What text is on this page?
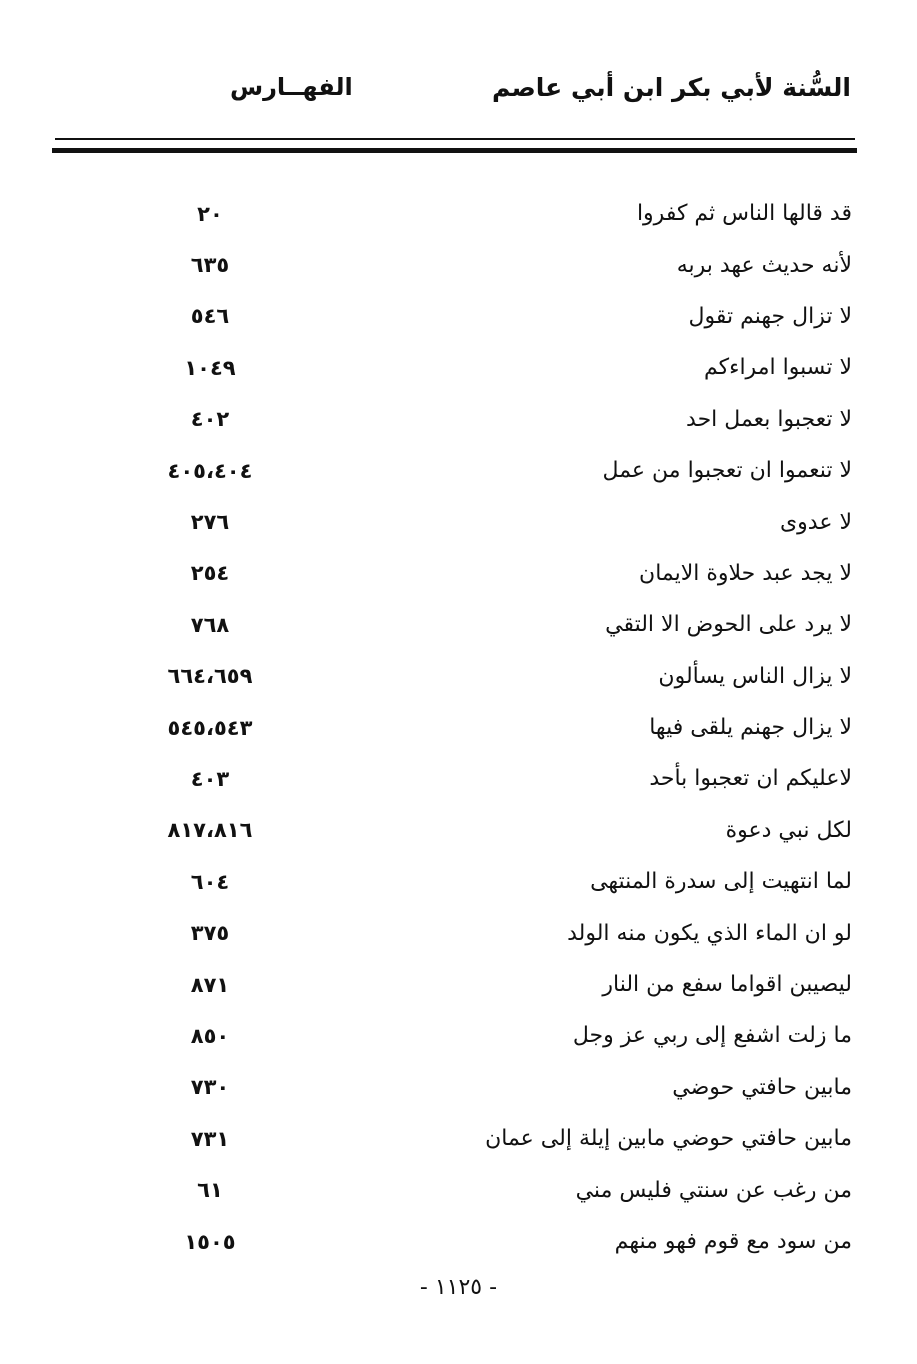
السُّنة لأبي بكر ابن أبي عاصم
الفهــارس
قد قالها الناس ثم كفروا
٢٠
لأنه حديث عهد بربه
٦٣٥
لا تزال جهنم تقول
٥٤٦
لا تسبوا امراءكم
١٠٤٩
لا تعجبوا بعمل احد
٤٠٢
لا تنعموا ان تعجبوا من عمل
٤٠٥،٤٠٤
لا عدوى
٢٧٦
لا يجد عبد حلاوة الايمان
٢٥٤
لا يرد على الحوض الا التقي
٧٦٨
لا يزال الناس يسألون
٦٦٤،٦٥٩
لا يزال جهنم يلقى فيها
٥٤٥،٥٤٣
لاعليكم ان تعجبوا بأحد
٤٠٣
لكل نبي دعوة
٨١٧،٨١٦
لما انتهيت إلى سدرة المنتهى
٦٠٤
لو ان الماء الذي يكون منه الولد
٣٧٥
ليصيبن اقواما سفع من النار
٨٧١
ما زلت اشفع إلى ربي عز وجل
٨٥٠
مابين حافتي حوضي
٧٣٠
مابين حافتي حوضي مابين إيلة إلى عمان
٧٣١
من رغب عن سنتي فليس مني
٦١
من سود مع قوم فهو منهم
١٥٠٥
- ١١٢٥ -
